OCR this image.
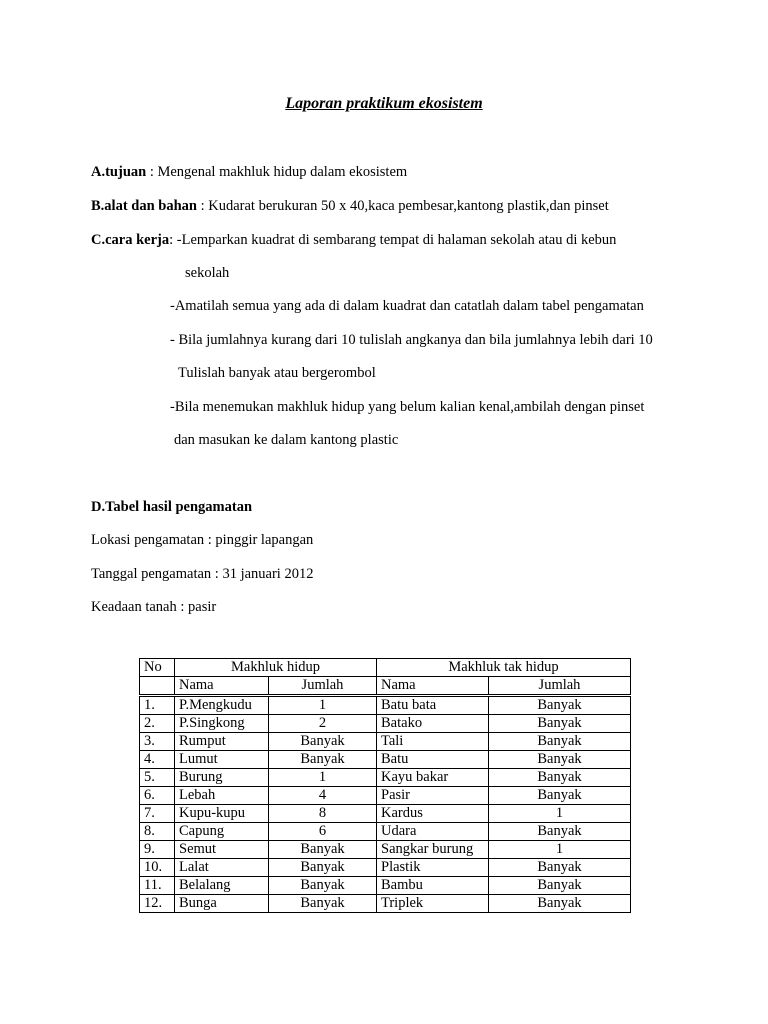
Laporan praktikum ekosistem
A.tujuan : Mengenal makhluk hidup dalam ekosistem
B.alat dan bahan : Kudarat berukuran 50 x 40,kaca pembesar,kantong plastik,dan pinset
C.cara kerja: -Lemparkan kuadrat di sembarang tempat di halaman sekolah atau di kebun
sekolah
-Amatilah semua yang ada di dalam kuadrat dan catatlah dalam tabel pengamatan
- Bila jumlahnya kurang dari 10 tulislah angkanya dan bila jumlahnya lebih dari 10
Tulislah banyak atau bergerombol
-Bila menemukan makhluk hidup yang belum kalian kenal,ambilah dengan pinset
dan masukan ke dalam kantong plastic
D.Tabel hasil pengamatan
Lokasi pengamatan : pinggir lapangan
Tanggal pengamatan : 31 januari 2012
Keadaan tanah : pasir
No	Makhluk hidup		Makhluk tak hidup	
	Nama	Jumlah	Nama	Jumlah
1.	P.Mengkudu	1	Batu bata	Banyak
2.	P.Singkong	2	Batako	Banyak
3.	Rumput	Banyak	Tali	Banyak
4.	Lumut	Banyak	Batu	Banyak
5.	Burung	1	Kayu bakar	Banyak
6.	Lebah	4	Pasir	Banyak
7.	Kupu-kupu	8	Kardus	1
8.	Capung	6	Udara	Banyak
9.	Semut	Banyak	Sangkar burung	1
10.	Lalat	Banyak	Plastik	Banyak
11.	Belalang	Banyak	Bambu	Banyak
12.	Bunga	Banyak	Triplek	Banyak
